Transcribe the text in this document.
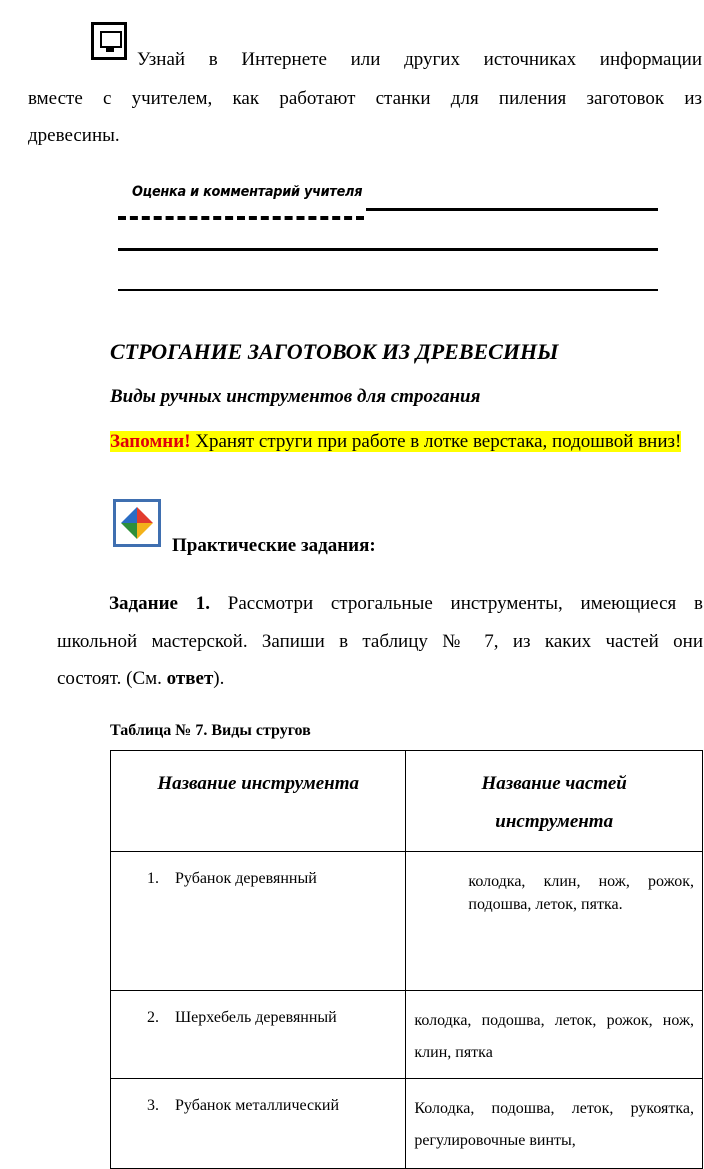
Узнай в Интернете или других источниках информации
вместе с учителем, как работают станки для пиления заготовок из
древесины.
Оценка и комментарий учителя
СТРОГАНИЕ ЗАГОТОВОК ИЗ ДРЕВЕСИНЫ
Виды ручных инструментов для строгания
Запомни! Хранят струги при работе в лотке верстака, подошвой вниз!
Практические задания:
Задание 1. Рассмотри строгальные инструменты, имеющиеся в
школьной мастерской. Запиши в таблицу № 7, из каких частей они
состоят. (См. ответ).
Таблица № 7. Виды стругов
Название инструмента	Название частей инструмента
1. Рубанок деревянный	колодка, клин, нож, рожок, подошва, леток, пятка.
2. Шерхебель деревянный	колодка, подошва, леток, рожок, нож, клин, пятка
3. Рубанок металлический	Колодка, подошва, леток, рукоятка, регулировочные винты,
